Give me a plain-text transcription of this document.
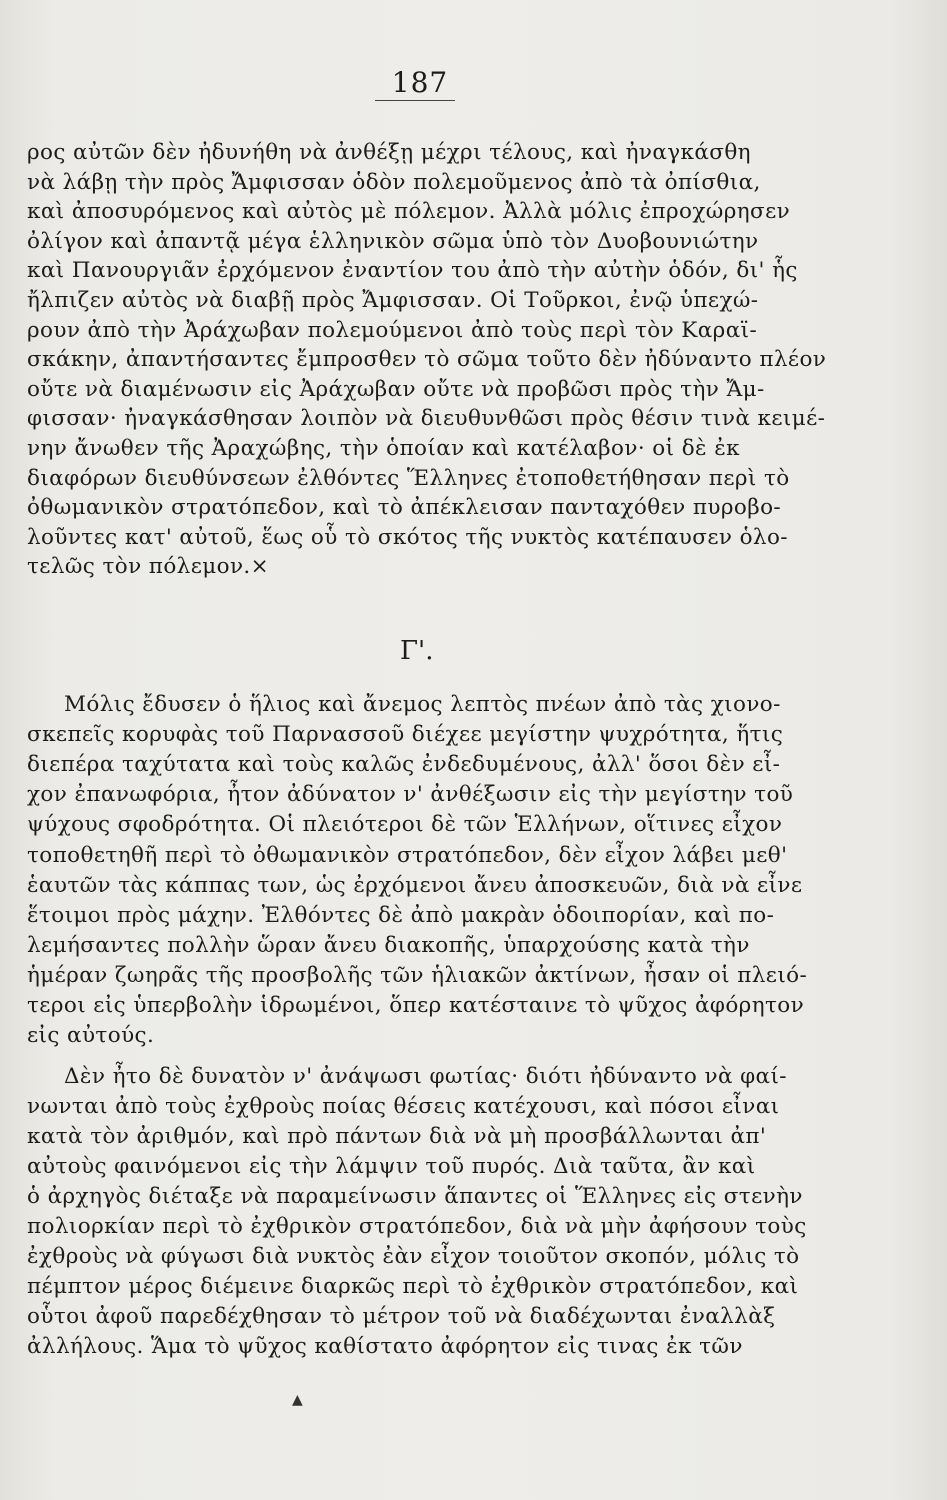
187
ρος αὐτῶν δὲν ἠδυνήθη νὰ ἀνθέξῃ μέχρι τέλους, καὶ ἠναγκάσθη
νὰ λάβῃ τὴν πρὸς Ἄμφισσαν ὁδὸν πολεμοῦμενος ἀπὸ τὰ ὀπίσθια,
καὶ ἀποσυρόμενος καὶ αὐτὸς μὲ πόλεμον. Ἀλλὰ μόλις ἐπροχώρησεν
ὀλίγον καὶ ἀπαντᾷ μέγα ἑλληνικὸν σῶμα ὑπὸ τὸν Δυοβουνιώτην
καὶ Πανουργιᾶν ἐρχόμενον ἐναντίον του ἀπὸ τὴν αὐτὴν ὁδόν, δι' ἧς
ἤλπιζεν αὐτὸς νὰ διαβῇ πρὸς Ἄμφισσαν. Οἱ Τοῦρκοι, ἐνῷ ὑπεχώ-
ρουν ἀπὸ τὴν Ἀράχωβαν πολεμούμενοι ἀπὸ τοὺς περὶ τὸν Καραϊ-
σκάκην, ἀπαντήσαντες ἔμπροσθεν τὸ σῶμα τοῦτο δὲν ἠδύναντο πλέον
οὔτε νὰ διαμένωσιν εἰς Ἀράχωβαν οὔτε νὰ προβῶσι πρὸς τὴν Ἄμ-
φισσαν· ἠναγκάσθησαν λοιπὸν νὰ διευθυνθῶσι πρὸς θέσιν τινὰ κειμέ-
νην ἄνωθεν τῆς Ἀραχώβης, τὴν ὁποίαν καὶ κατέλαβον· οἱ δὲ ἐκ
διαφόρων διευθύνσεων ἐλθόντες Ἕλληνες ἐτοποθετήθησαν περὶ τὸ
ὀθωμανικὸν στρατόπεδον, καὶ τὸ ἀπέκλεισαν πανταχόθεν πυροβο-
λοῦντες κατ' αὐτοῦ, ἕως οὗ τὸ σκότος τῆς νυκτὸς κατέπαυσεν ὁλο-
τελῶς τὸν πόλεμον.×
Γ'.
Μόλις ἔδυσεν ὁ ἥλιος καὶ ἄνεμος λεπτὸς πνέων ἀπὸ τὰς χιονο-
σκεπεῖς κορυφὰς τοῦ Παρνασσοῦ διέχεε μεγίστην ψυχρότητα, ἥτις
διεπέρα ταχύτατα καὶ τοὺς καλῶς ἐνδεδυμένους, ἀλλ' ὅσοι δὲν εἶ-
χον ἐπανωφόρια, ἦτον ἀδύνατον ν' ἀνθέξωσιν εἰς τὴν μεγίστην τοῦ
ψύχους σφοδρότητα. Οἱ πλειότεροι δὲ τῶν Ἑλλήνων, οἵτινες εἶχον
τοποθετηθῆ περὶ τὸ ὀθωμανικὸν στρατόπεδον, δὲν εἶχον λάβει μεθ'
ἑαυτῶν τὰς κάππας των, ὡς ἐρχόμενοι ἄνευ ἀποσκευῶν, διὰ νὰ εἶνε
ἕτοιμοι πρὸς μάχην. Ἐλθόντες δὲ ἀπὸ μακρὰν ὁδοιπορίαν, καὶ πο-
λεμήσαντες πολλὴν ὥραν ἄνευ διακοπῆς, ὑπαρχούσης κατὰ τὴν
ἡμέραν ζωηρᾶς τῆς προσβολῆς τῶν ἡλιακῶν ἀκτίνων, ἦσαν οἱ πλειό-
τεροι εἰς ὑπερβολὴν ἱδρωμένοι, ὅπερ κατέσταινε τὸ ψῦχος ἀφόρητον
εἰς αὐτούς.
Δὲν ἦτο δὲ δυνατὸν ν' ἀνάψωσι φωτίας· διότι ἠδύναντο νὰ φαί-
νωνται ἀπὸ τοὺς ἐχθροὺς ποίας θέσεις κατέχουσι, καὶ πόσοι εἶναι
κατὰ τὸν ἀριθμόν, καὶ πρὸ πάντων διὰ νὰ μὴ προσβάλλωνται ἀπ'
αὐτοὺς φαινόμενοι εἰς τὴν λάμψιν τοῦ πυρός. Διὰ ταῦτα, ἂν καὶ
ὁ ἀρχηγὸς διέταξε νὰ παραμείνωσιν ἅπαντες οἱ Ἕλληνες εἰς στενὴν
πολιορκίαν περὶ τὸ ἐχθρικὸν στρατόπεδον, διὰ νὰ μὴν ἀφήσουν τοὺς
ἐχθροὺς νὰ φύγωσι διὰ νυκτὸς ἐὰν εἶχον τοιοῦτον σκοπόν, μόλις τὸ
πέμπτον μέρος διέμεινε διαρκῶς περὶ τὸ ἐχθρικὸν στρατόπεδον, καὶ
οὗτοι ἀφοῦ παρεδέχθησαν τὸ μέτρον τοῦ νὰ διαδέχωνται ἐναλλὰξ
ἀλλήλους. Ἅμα τὸ ψῦχος καθίστατο ἀφόρητον εἰς τινας ἐκ τῶν
▲
